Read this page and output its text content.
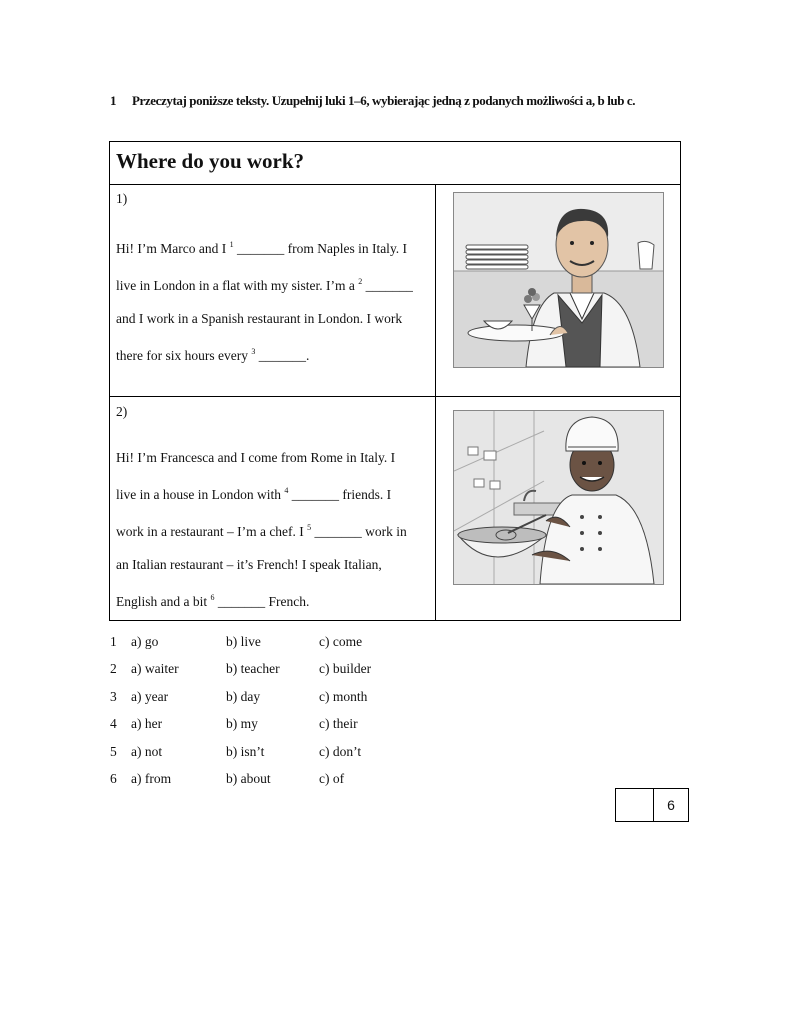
1 Przeczytaj poniższe teksty. Uzupełnij luki 1–6, wybierając jedną z podanych możliwości a, b lub c.
Where do you work?
1)
Hi! I’m Marco and I $^1$ _______ from Naples in Italy. I
live in London in a flat with my sister. I’m a $^2$ _______
and I work in a Spanish restaurant in London. I work
there for six hours every $^3$ _______.
2)
Hi! I’m Francesca and I come from Rome in Italy. I
live in a house in London with $^4$ _______ friends. I
work in a restaurant – I’m a chef. I $^5$ _______ work in
an Italian restaurant – it’s French! I speak Italian,
English and a bit $^6$ _______ French.
1 a) go	b) live	c) come
2 a) waiter	b) teacher	c) builder
3 a) year	b) day	c) month
4 a) her	b) my	c) their
5 a) not	b) isn’t	c) don’t
6 a) from	b) about	c) of
6
